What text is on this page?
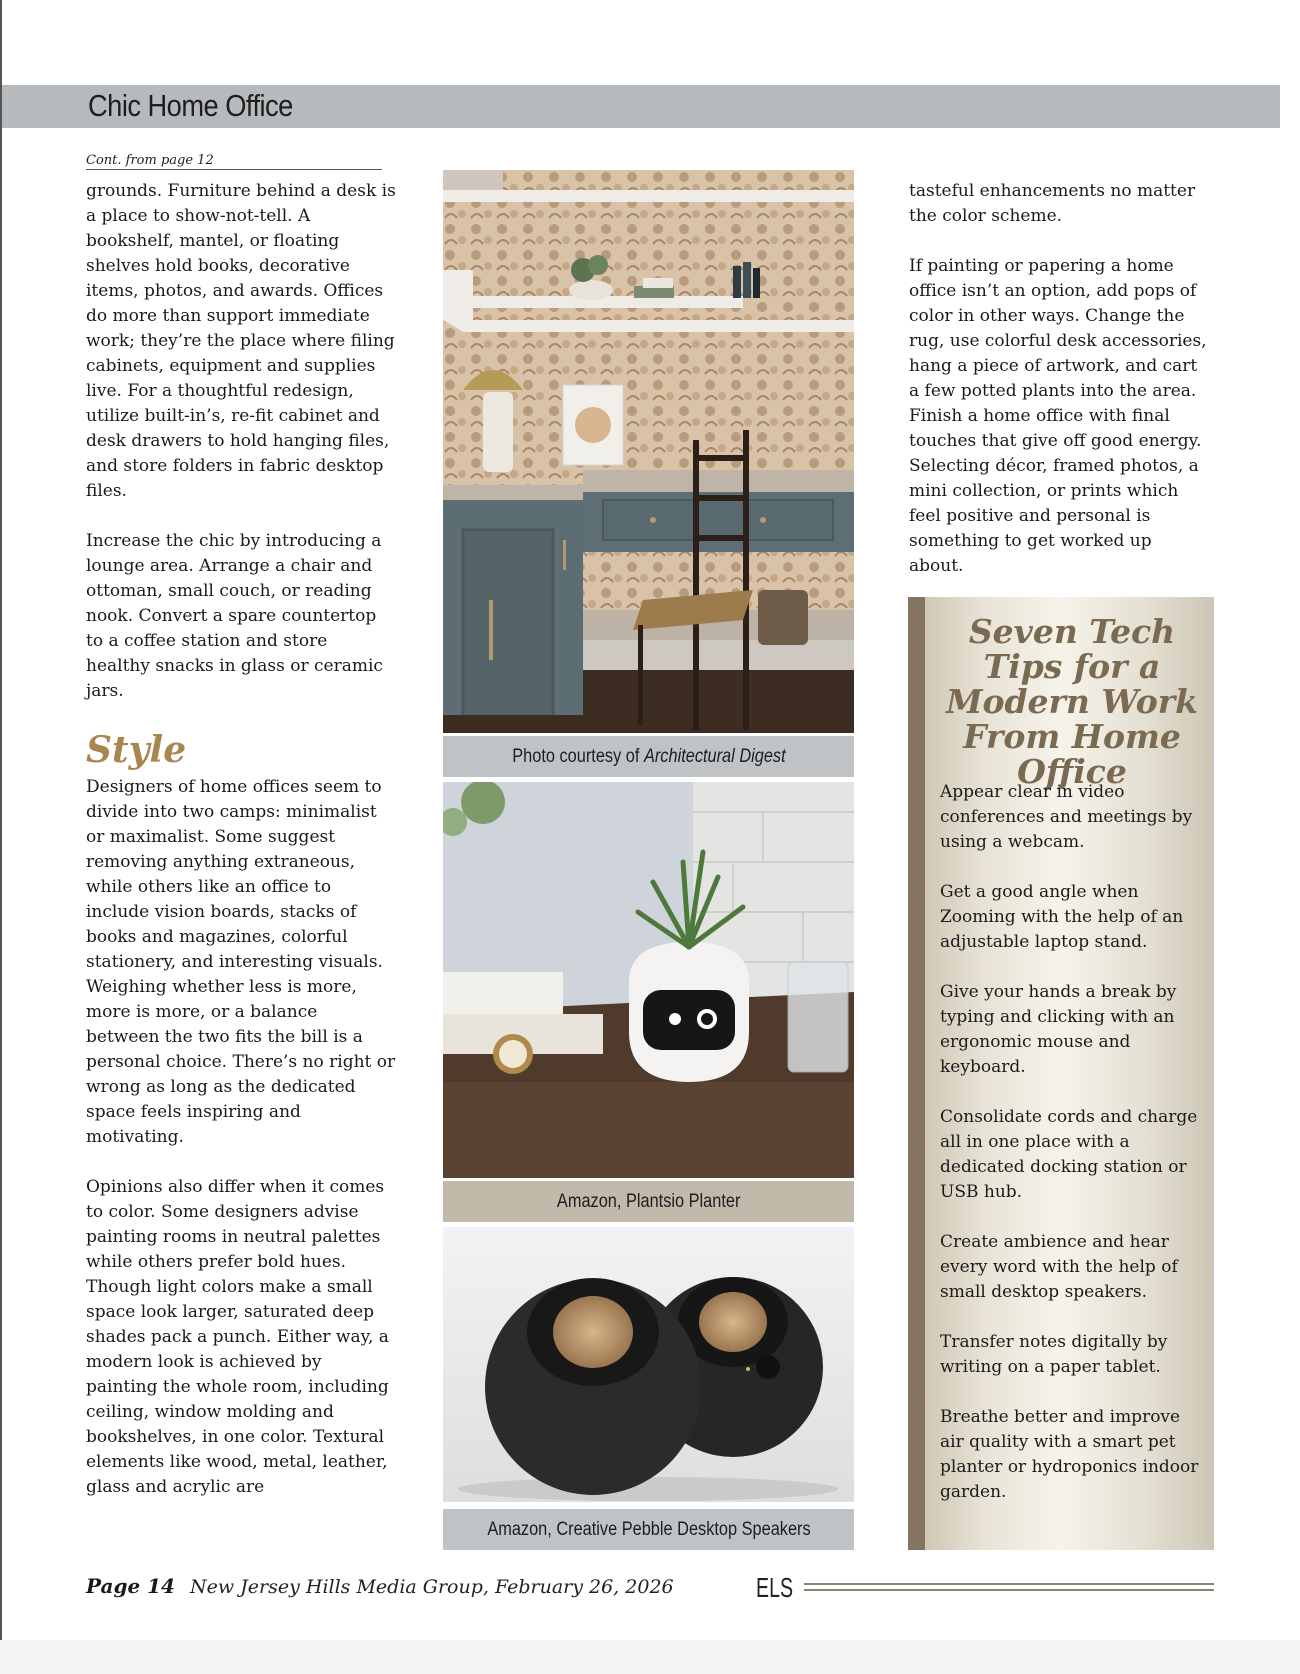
Chic Home Office
Cont. from page 12

grounds. Furniture behind a desk is a place to show-not-tell. A bookshelf, mantel, or floating shelves hold books, decorative items, photos, and awards. Offices do more than support immediate work; they’re the place where filing cabinets, equipment and supplies live. For a thoughtful redesign, utilize built-in’s, re-fit cabinet and desk drawers to hold hanging files, and store folders in fabric desktop files.

Increase the chic by introducing a lounge area. Arrange a chair and ottoman, small couch, or reading nook. Convert a spare countertop to a coffee station and store healthy snacks in glass or ceramic jars.

Style

Designers of home offices seem to divide into two camps: minimalist or maximalist. Some suggest removing anything extraneous, while others like an office to include vision boards, stacks of books and magazines, colorful stationery, and interesting visuals. Weighing whether less is more, more is more, or a balance between the two fits the bill is a personal choice. There’s no right or wrong as long as the dedicated space feels inspiring and motivating.

Opinions also differ when it comes to color. Some designers advise painting rooms in neutral palettes while others prefer bold hues. Though light colors make a small space look larger, saturated deep shades pack a punch. Either way, a modern look is achieved by painting the whole room, including ceiling, window molding and bookshelves, in one color. Textural elements like wood, metal, leather, glass and acrylic are

Photo courtesy of Architectural Digest
Amazon, Plantsio Planter
Amazon, Creative Pebble Desktop Speakers

tasteful enhancements no matter the color scheme.

If painting or papering a home office isn’t an option, add pops of color in other ways. Change the rug, use colorful desk accessories, hang a piece of artwork, and cart a few potted plants into the area. Finish a home office with final touches that give off good energy. Selecting décor, framed photos, a mini collection, or prints which feel positive and personal is something to get worked up about.

Seven Tech Tips for a Modern Work From Home Office

Appear clear in video conferences and meetings by using a webcam.

Get a good angle when Zooming with the help of an adjustable laptop stand.

Give your hands a break by typing and clicking with an ergonomic mouse and keyboard.

Consolidate cords and charge all in one place with a dedicated docking station or USB hub.

Create ambience and hear every word with the help of small desktop speakers.

Transfer notes digitally by writing on a paper tablet.

Breathe better and improve air quality with a smart pet planter or hydroponics indoor garden.

Page 14 New Jersey Hills Media Group, February 26, 2026	ELS
